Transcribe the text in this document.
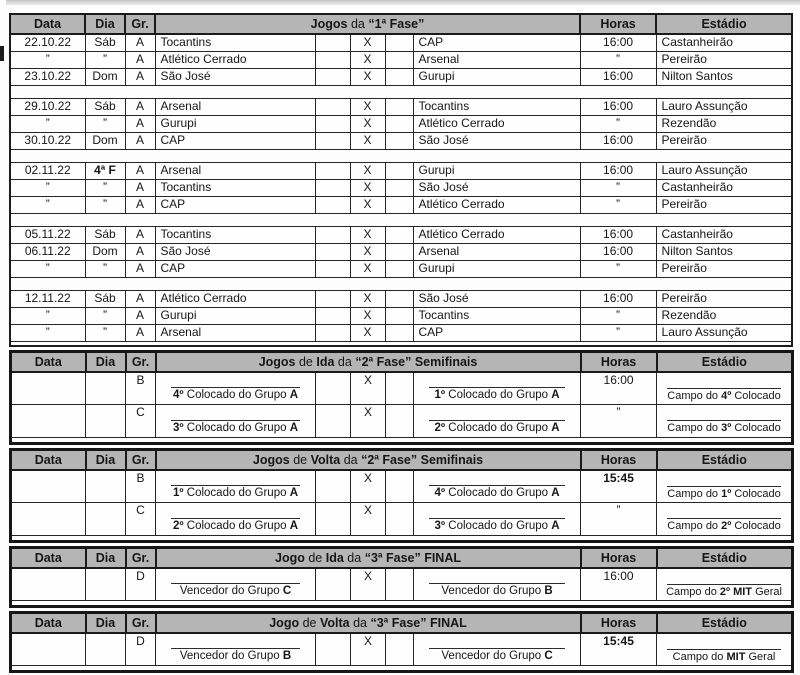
Data	Dia	Gr.	Jogos da “1ª Fase”					Horas	Estádio
22.10.22	Sáb	A	Tocantins		X		CAP	16:00	Castanheirão
”	”	A	Atlético Cerrado		X		Arsenal	”	Pereirão
23.10.22	Dom	A	São José		X		Gurupi	16:00	Nilton Santos

29.10.22	Sáb	A	Arsenal		X		Tocantins	16:00	Lauro Assunção
”	”	A	Gurupi		X		Atlético Cerrado	”	Rezendão
30.10.22	Dom	A	CAP		X		São José	16:00	Pereirão

02.11.22	4ª F	A	Arsenal		X		Gurupi	16:00	Lauro Assunção
”	”	A	Tocantins		X		São José	”	Castanheirão
”	”	A	CAP		X		Atlético Cerrado	”	Pereirão

05.11.22	Sáb	A	Tocantins		X		Atlético Cerrado	16:00	Castanheirão
06.11.22	Dom	A	São José		X		Arsenal	16:00	Nilton Santos
”	”	A	CAP		X		Gurupi	”	Pereirão

12.11.22	Sáb	A	Atlético Cerrado		X		São José	16:00	Pereirão
”	”	A	Gurupi		X		Tocantins	”	Rezendão
”	”	A	Arsenal		X		CAP	”	Lauro Assunção

Data	Dia	Gr.	Jogos de Ida da “2ª Fase” Semifinais					Horas	Estádio
		B	4º Colocado do Grupo A		X		1º Colocado do Grupo A	16:00	Campo do 4º Colocado

		C	3º Colocado do Grupo A		X		2º Colocado do Grupo A	”	Campo do 3º Colocado

Data	Dia	Gr.	Jogos de Volta da “2ª Fase” Semifinais					Horas	Estádio
		B	1º Colocado do Grupo A		X		4º Colocado do Grupo A	15:45	Campo do 1º Colocado

		C	2º Colocado do Grupo A		X		3º Colocado do Grupo A	”	Campo do 2º Colocado

Data	Dia	Gr.	Jogo de Ida da “3ª Fase” FINAL					Horas	Estádio
		D	Vencedor do Grupo C		X		Vencedor do Grupo B	16:00	Campo do 2º MIT Geral

Data	Dia	Gr.	Jogo de Volta da “3ª Fase” FINAL					Horas	Estádio
		D	Vencedor do Grupo B		X		Vencedor do Grupo C	15:45	Campo do MIT Geral
